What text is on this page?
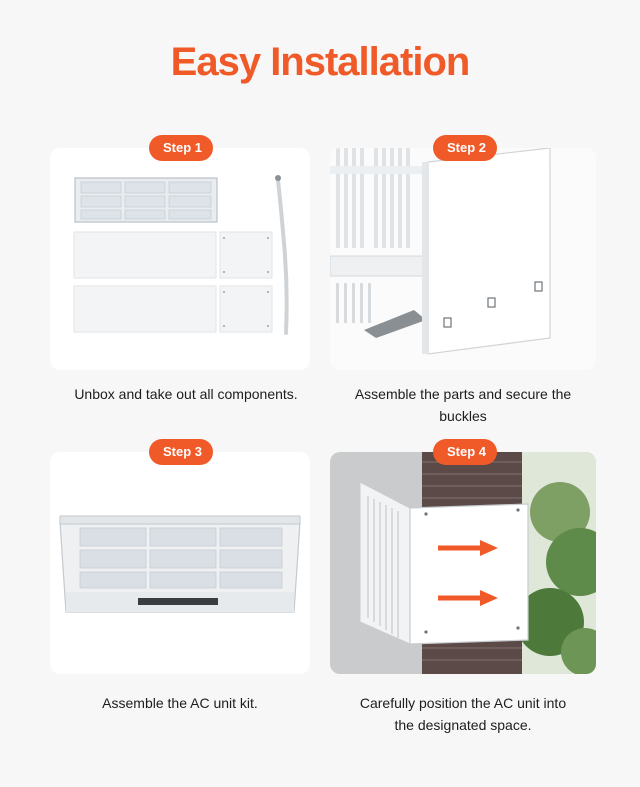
Easy Installation
Step 1
Unbox and take out all components.
Step 2
Assemble the parts and secure the buckles
Step 3
Assemble the AC unit kit.
Step 4
Carefully position the AC unit into
the designated space.
